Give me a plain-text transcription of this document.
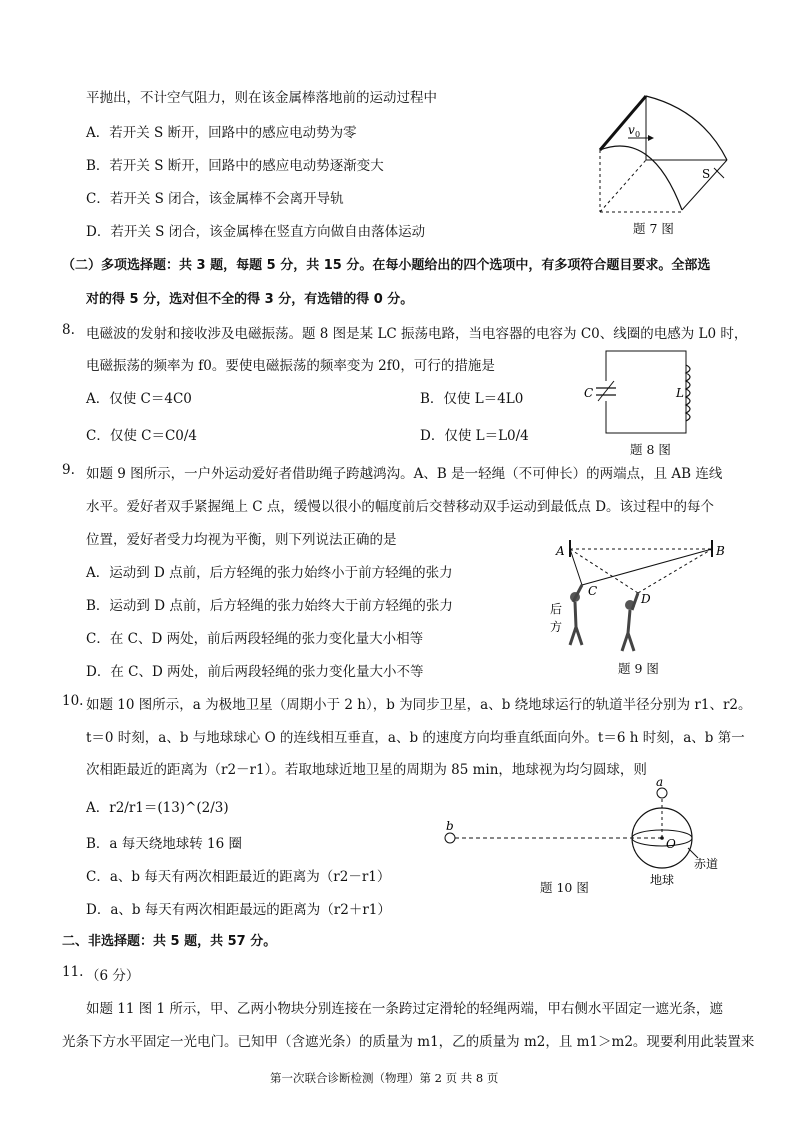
平抛出，不计空气阻力，则在该金属棒落地前的运动过程中
A．若开关 S 断开，回路中的感应电动势为零
B．若开关 S 断开，回路中的感应电动势逐渐变大
C．若开关 S 闭合，该金属棒不会离开导轨
D．若开关 S 闭合，该金属棒在竖直方向做自由落体运动
v 0
S
题 7 图
（二）多项选择题：共 3 题，每题 5 分，共 15 分。在每小题给出的四个选项中，有多项符合题目要求。全部选
对的得 5 分，选对但不全的得 3 分，有选错的得 0 分。
8. 电磁波的发射和接收涉及电磁振荡。题 8 图是某 LC 振荡电路，当电容器的电容为 C0、线圈的电感为 L0 时，
电磁振荡的频率为 f0。要使电磁振荡的频率变为 2f0，可行的措施是
A．仅使 C＝4C0	B．仅使 L＝4L0
C．仅使 C＝C0/4	D．仅使 L＝L0/4
C	L
题 8 图
9. 如题 9 图所示，一户外运动爱好者借助绳子跨越鸿沟。A、B 是一轻绳（不可伸长）的两端点，且 AB 连线
水平。爱好者双手紧握绳上 C 点，缓慢以很小的幅度前后交替移动双手运动到最低点 D。该过程中的每个
位置，爱好者受力均视为平衡，则下列说法正确的是
A．运动到 D 点前，后方轻绳的张力始终小于前方轻绳的张力
B．运动到 D 点前，后方轻绳的张力始终大于前方轻绳的张力
C．在 C、D 两处，前后两段轻绳的张力变化量大小相等
D．在 C、D 两处，前后两段轻绳的张力变化量大小不等
A	B
C
D
后
方
题 9 图
10. 如题 10 图所示，a 为极地卫星（周期小于 2 h），b 为同步卫星，a、b 绕地球运行的轨道半径分别为 r1、r2。
t＝0 时刻，a、b 与地球球心 O 的连线相互垂直，a、b 的速度方向均垂直纸面向外。t＝6 h 时刻，a、b 第一
次相距最近的距离为（r2－r1）。若取地球近地卫星的周期为 85 min，地球视为均匀圆球，则
A．r2/r1＝(13)^(2/3)
B．a 每天绕地球转 16 圈
C．a、b 每天有两次相距最近的距离为（r2－r1）
D．a、b 每天有两次相距最远的距离为（r2＋r1）
a
b
O
赤道
地球
题 10 图
二、非选择题：共 5 题，共 57 分。
11. （6 分）
如题 11 图 1 所示，甲、乙两小物块分别连接在一条跨过定滑轮的轻绳两端，甲右侧水平固定一遮光条，遮
光条下方水平固定一光电门。已知甲（含遮光条）的质量为 m1，乙的质量为 m2，且 m1＞m2。现要利用此装置来
第一次联合诊断检测（物理）第 2 页 共 8 页
